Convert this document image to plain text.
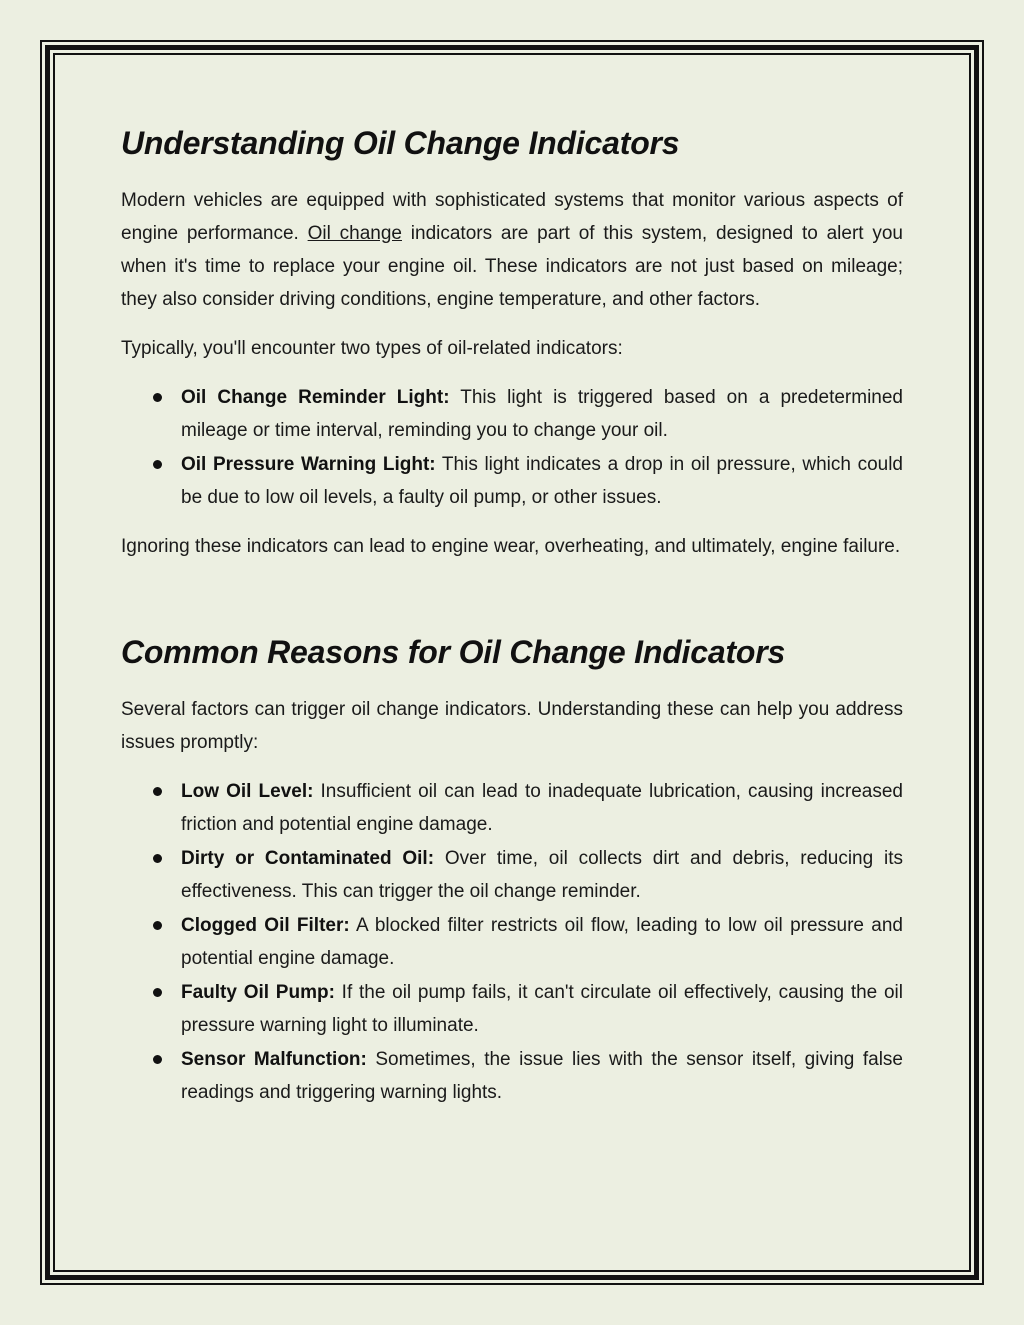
Understanding Oil Change Indicators

Modern vehicles are equipped with sophisticated systems that monitor various aspects of engine performance. Oil change indicators are part of this system, designed to alert you when it's time to replace your engine oil. These indicators are not just based on mileage; they also consider driving conditions, engine temperature, and other factors.

Typically, you'll encounter two types of oil-related indicators:

Oil Change Reminder Light: This light is triggered based on a predetermined mileage or time interval, reminding you to change your oil.
Oil Pressure Warning Light: This light indicates a drop in oil pressure, which could be due to low oil levels, a faulty oil pump, or other issues.

Ignoring these indicators can lead to engine wear, overheating, and ultimately, engine failure.

Common Reasons for Oil Change Indicators

Several factors can trigger oil change indicators. Understanding these can help you address issues promptly:

Low Oil Level: Insufficient oil can lead to inadequate lubrication, causing increased friction and potential engine damage.
Dirty or Contaminated Oil: Over time, oil collects dirt and debris, reducing its effectiveness. This can trigger the oil change reminder.
Clogged Oil Filter: A blocked filter restricts oil flow, leading to low oil pressure and potential engine damage.
Faulty Oil Pump: If the oil pump fails, it can't circulate oil effectively, causing the oil pressure warning light to illuminate.
Sensor Malfunction: Sometimes, the issue lies with the sensor itself, giving false readings and triggering warning lights.
